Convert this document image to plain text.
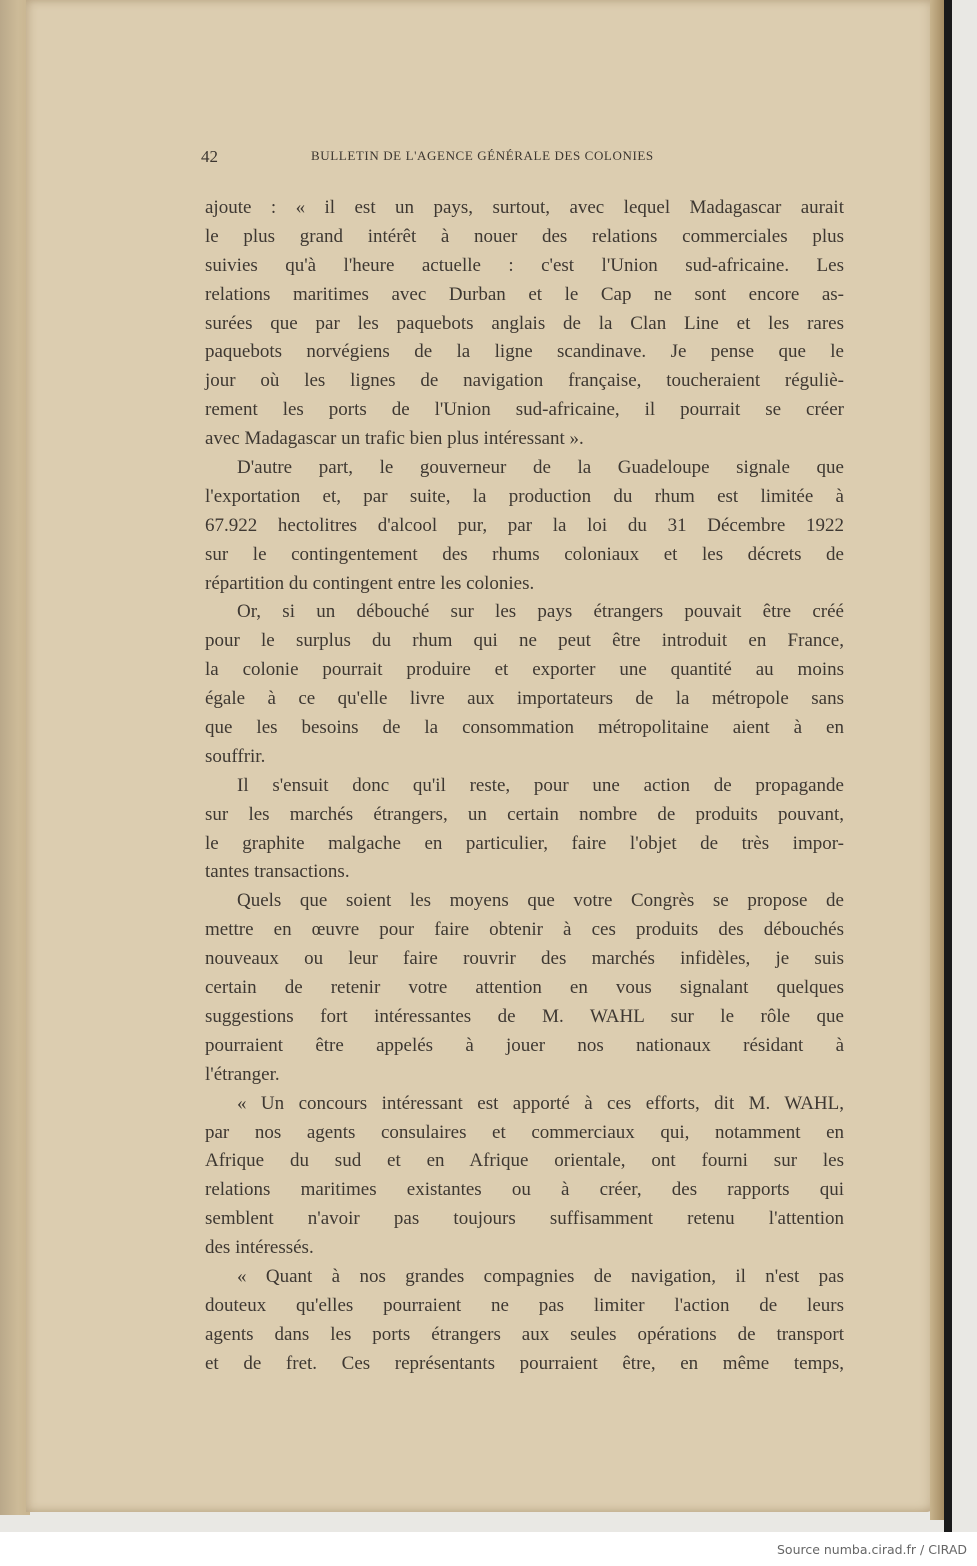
42	BULLETIN DE L'AGENCE GÉNÉRALE DES COLONIES
ajoute : « il est un pays, surtout, avec lequel Madagascar aurait
le plus grand intérêt à nouer des relations commerciales plus
suivies qu'à l'heure actuelle : c'est l'Union sud-africaine. Les
relations maritimes avec Durban et le Cap ne sont encore as-
surées que par les paquebots anglais de la Clan Line et les rares
paquebots norvégiens de la ligne scandinave. Je pense que le
jour où les lignes de navigation française, toucheraient réguliè-
rement les ports de l'Union sud-africaine, il pourrait se créer
avec Madagascar un trafic bien plus intéressant ».
D'autre part, le gouverneur de la Guadeloupe signale que
l'exportation et, par suite, la production du rhum est limitée à
67.922 hectolitres d'alcool pur, par la loi du 31 Décembre 1922
sur le contingentement des rhums coloniaux et les décrets de
répartition du contingent entre les colonies.
Or, si un débouché sur les pays étrangers pouvait être créé
pour le surplus du rhum qui ne peut être introduit en France,
la colonie pourrait produire et exporter une quantité au moins
égale à ce qu'elle livre aux importateurs de la métropole sans
que les besoins de la consommation métropolitaine aient à en
souffrir.
Il s'ensuit donc qu'il reste, pour une action de propagande
sur les marchés étrangers, un certain nombre de produits pouvant,
le graphite malgache en particulier, faire l'objet de très impor-
tantes transactions.
Quels que soient les moyens que votre Congrès se propose de
mettre en œuvre pour faire obtenir à ces produits des débouchés
nouveaux ou leur faire rouvrir des marchés infidèles, je suis
certain de retenir votre attention en vous signalant quelques
suggestions fort intéressantes de M. WAHL sur le rôle que
pourraient être appelés à jouer nos nationaux résidant à
l'étranger.
« Un concours intéressant est apporté à ces efforts, dit M. WAHL,
par nos agents consulaires et commerciaux qui, notamment en
Afrique du sud et en Afrique orientale, ont fourni sur les
relations maritimes existantes ou à créer, des rapports qui
semblent n'avoir pas toujours suffisamment retenu l'attention
des intéressés.
« Quant à nos grandes compagnies de navigation, il n'est pas
douteux qu'elles pourraient ne pas limiter l'action de leurs
agents dans les ports étrangers aux seules opérations de transport
et de fret. Ces représentants pourraient être, en même temps,
Source numba.cirad.fr / CIRAD
